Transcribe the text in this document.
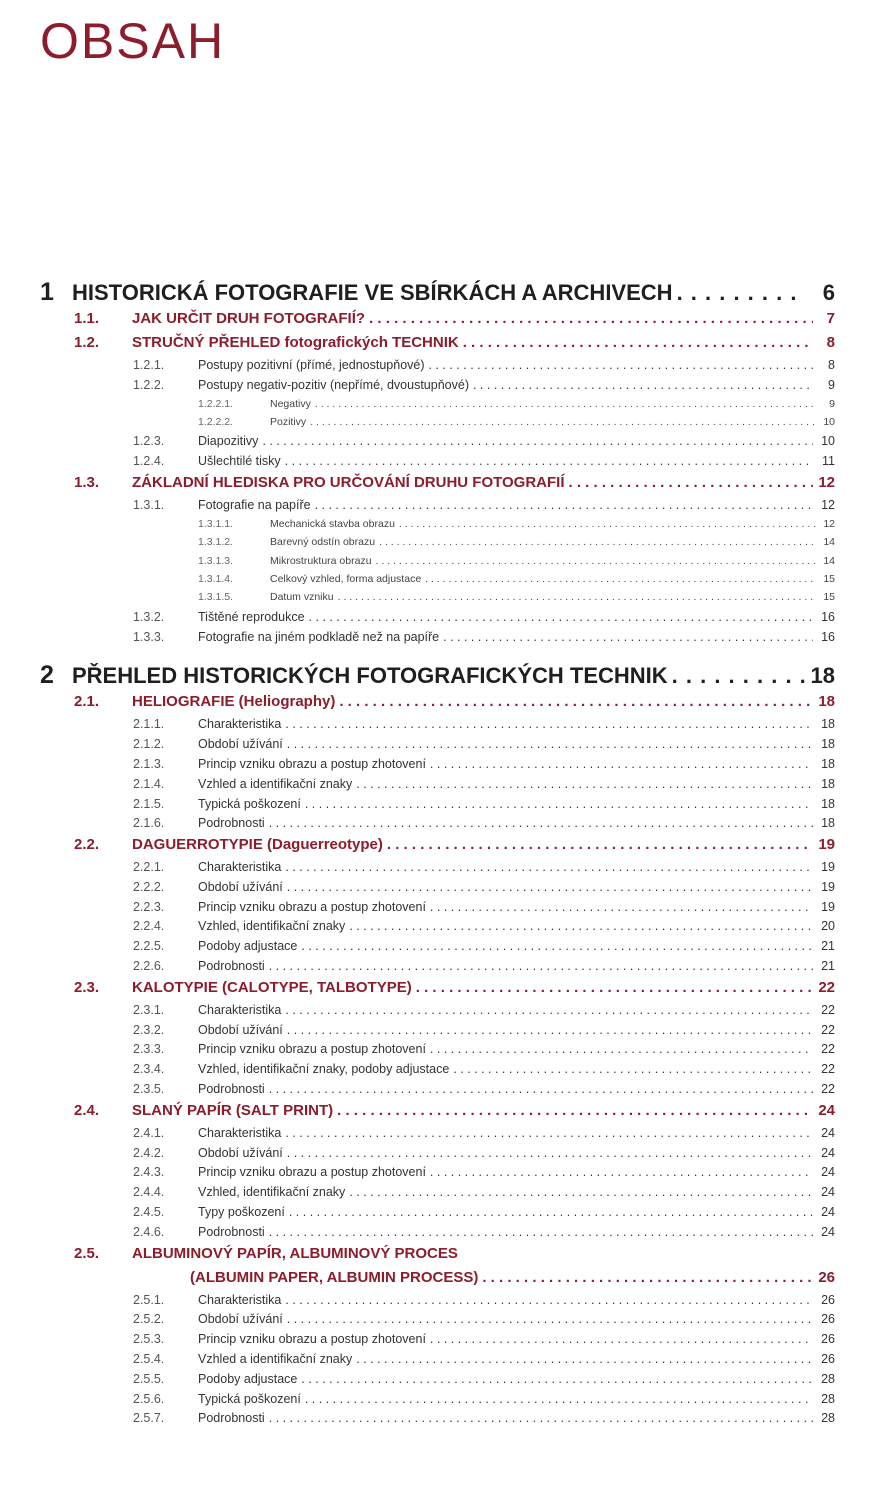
OBSAH
1 HISTORICKÁ FOTOGRAFIE VE SBÍRKÁCH A ARCHIVECH . . .	6
1.1.	JAK URČIT DRUH FOTOGRAFIÍ? . . .	7
1.2.	STRUČNÝ PŘEHLED fotografických TECHNIK . . .	8
1.2.1.	Postupy pozitivní (přímé, jednostupňové) . . .	8
1.2.2.	Postupy negativ-pozitiv (nepřímé, dvoustupňové) . . .	9
1.2.2.1.	Negativy . . .	9
1.2.2.2.	Pozitivy . . .	10
1.2.3.	Diapozitivy . . .	10
1.2.4.	Ušlechtilé tisky . . .	11
1.3.	ZÁKLADNÍ HLEDISKA PRO URČOVÁNÍ DRUHU FOTOGRAFIÍ . . .	12
1.3.1.	Fotografie na papíře . . .	12
1.3.1.1.	Mechanická stavba obrazu . . .	12
1.3.1.2.	Barevný odstín obrazu . . .	14
1.3.1.3.	Mikrostruktura obrazu . . .	14
1.3.1.4.	Celkový vzhled, forma adjustace . . .	15
1.3.1.5.	Datum vzniku . . .	15
1.3.2.	Tištěné reprodukce . . .	16
1.3.3.	Fotografie na jiném podkladě než na papíře . . .	16
2 PŘEHLED HISTORICKÝCH FOTOGRAFICKÝCH TECHNIK . . .	18
2.1.	HELIOGRAFIE (Heliography) . . .	18
2.1.1.	Charakteristika . . .	18
2.1.2.	Období užívání . . .	18
2.1.3.	Princip vzniku obrazu a postup zhotovení . . .	18
2.1.4.	Vzhled a identifikační znaky . . .	18
2.1.5.	Typická poškození . . .	18
2.1.6.	Podrobnosti . . .	18
2.2.	DAGUERROTYPIE (Daguerreotype) . . .	19
2.2.1.	Charakteristika . . .	19
2.2.2.	Období užívání . . .	19
2.2.3.	Princip vzniku obrazu a postup zhotovení . . .	19
2.2.4.	Vzhled, identifikační znaky . . .	20
2.2.5.	Podoby adjustace . . .	21
2.2.6.	Podrobnosti . . .	21
2.3.	KALOTYPIE (CALOTYPE, TALBOTYPE) . . .	22
2.3.1.	Charakteristika . . .	22
2.3.2.	Období užívání . . .	22
2.3.3.	Princip vzniku obrazu a postup zhotovení . . .	22
2.3.4.	Vzhled, identifikační znaky, podoby adjustace . . .	22
2.3.5.	Podrobnosti . . .	22
2.4.	SLANÝ PAPÍR (SALT PRINT) . . .	24
2.4.1.	Charakteristika . . .	24
2.4.2.	Období užívání . . .	24
2.4.3.	Princip vzniku obrazu a postup zhotovení . . .	24
2.4.4.	Vzhled, identifikační znaky . . .	24
2.4.5.	Typy poškození . . .	24
2.4.6.	Podrobnosti . . .	24
2.5.	ALBUMINOVÝ PAPÍR, ALBUMINOVÝ PROCES
(ALBUMIN PAPER, ALBUMIN PROCESS) . . .	26
2.5.1.	Charakteristika . . .	26
2.5.2.	Období užívání . . .	26
2.5.3.	Princip vzniku obrazu a postup zhotovení . . .	26
2.5.4.	Vzhled a identifikační znaky . . .	26
2.5.5.	Podoby adjustace . . .	28
2.5.6.	Typická poškození . . .	28
2.5.7.	Podrobnosti . . .	28
